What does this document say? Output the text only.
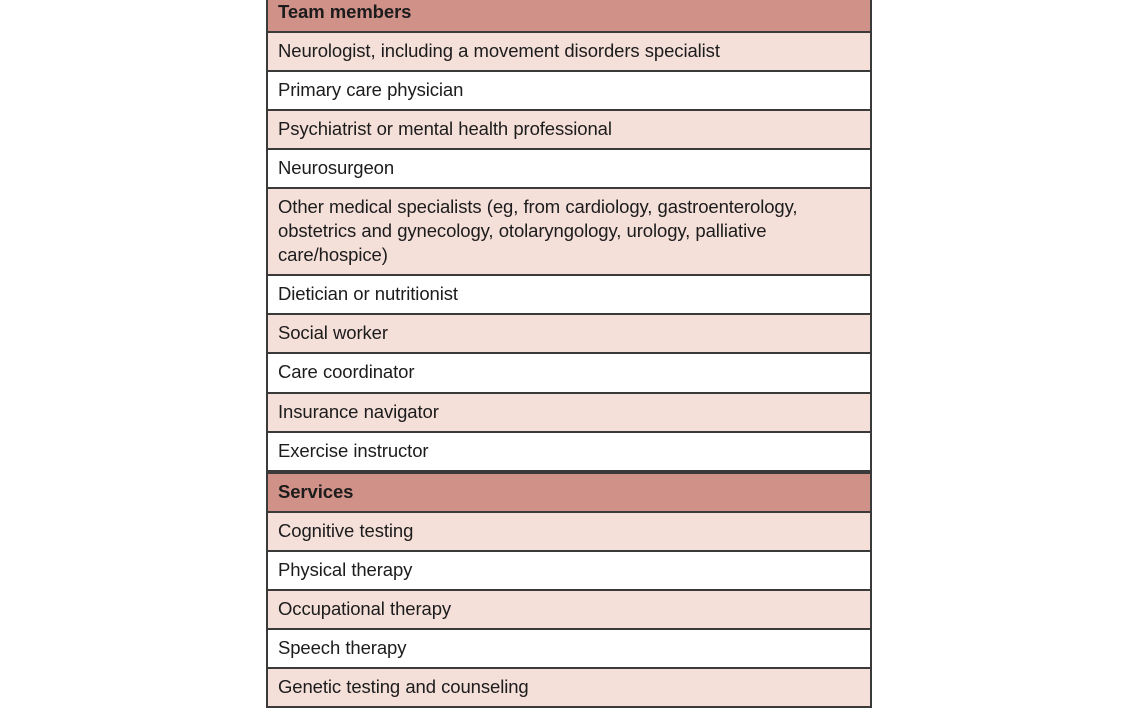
Team members
Neurologist, including a movement disorders specialist
Primary care physician
Psychiatrist or mental health professional
Neurosurgeon
Other medical specialists (eg, from cardiology, gastroenterology, obstetrics and gynecology, otolaryngology, urology, palliative care/hospice)
Dietician or nutritionist
Social worker
Care coordinator
Insurance navigator
Exercise instructor
Services
Cognitive testing
Physical therapy
Occupational therapy
Speech therapy
Genetic testing and counseling
